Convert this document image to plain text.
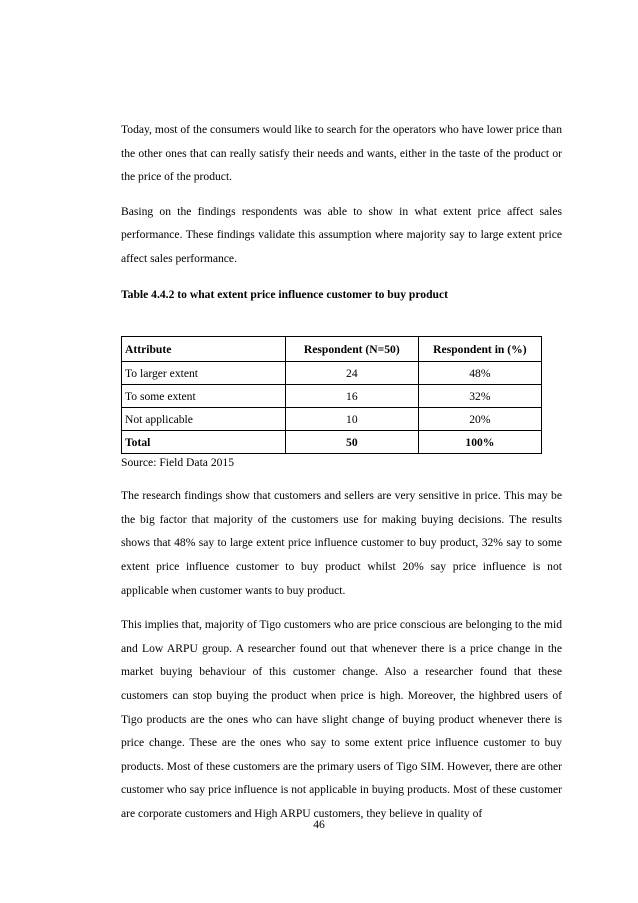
Today, most of the consumers would like to search for the operators who have lower price than the other ones that can really satisfy their needs and wants, either in the taste of the product or the price of the product.

Basing on the findings respondents was able to show in what extent price affect sales performance. These findings validate this assumption where majority say to large extent price affect sales performance.

Table 4.4.2 to what extent price influence customer to buy product
Attribute	Respondent (N=50)	Respondent in (%)
To larger extent	24	48%
To some extent	16	32%
Not applicable	10	20%
Total	50	100%
Source: Field Data 2015

The research findings show that customers and sellers are very sensitive in price. This may be the big factor that majority of the customers use for making buying decisions. The results shows that 48% say to large extent price influence customer to buy product, 32% say to some extent price influence customer to buy product whilst 20% say price influence is not applicable when customer wants to buy product.

This implies that, majority of Tigo customers who are price conscious are belonging to the mid and Low ARPU group. A researcher found out that whenever there is a price change in the market buying behaviour of this customer change. Also a researcher found that these customers can stop buying the product when price is high. Moreover, the highbred users of Tigo products are the ones who can have slight change of buying product whenever there is price change. These are the ones who say to some extent price influence customer to buy products. Most of these customers are the primary users of Tigo SIM. However, there are other customer who say price influence is not applicable in buying products. Most of these customer are corporate customers and High ARPU customers, they believe in quality of

46
